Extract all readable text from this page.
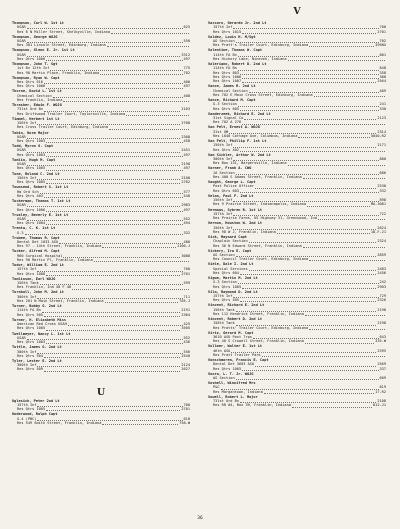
Thompson, Carl W. 1st Lt
USAR	625
Res 6 N Miller Street, Shelbyville, Indiana
Thompson, George WOJG
USAR	550
Res 301 Lincoln Street, Edinburg, Indiana
Thompson, Glenn E. Jr. 1st Lt
USAR	3312
Res Qtrs 1006	497
Thompson, John T. Sgt
1st Bn 12th Inf	775
Res 98 Martin Place, Franklin, Indiana	702
Thompson, Ryan W. Capt
Res Qtrs 616	400
Res Qtrs 1006	497
Thorne, David L. 1st Lt
Chemical Section	408
Res Franklin, Indiana
Thrasher, Edwin F. WOJG
731st Ord Bn	2103
Res Driftwood Trailer Court, Taylorsville, Indiana
Timmel, Herbert 1st Lt
156th Inf	2708
Res Cross Trailer Court, Edinburg, Indiana
Tobin, Norm Major
USAR	2308
Res Qtrs 1003	458
Todd, Myron G. Capt
USAR	2451
Res Qtrs 1003	497
Tomlin, Hugh M. Capt
USAR	2198
Res Qtrs 1005	497
Tone, Roland C. 2nd Lt
156th Inf	2108
Res Qtrs 1005	2702
Townsend, Robert S. 1st Lt
Hq Ord Sch	577
Res Qtrs 403	548
Tuckerman, Thomas T. 1st Lt
USAR	2983
Res Qtrs 1006	497
Truxley, Beverly E. 1st Lt
USAR	552
Res Qtrs 1004	494
Trenta, C. K. 1st Lt
G-3	332
Trubee, Thomas R. Capt
Dental Det 1033 ASU	480
Res 97 - 14th Street, Franklin, Indiana	1100-J
Tucker, Alfred M. Capt
960 Surgical Hospital	3080
Res 90 Martin Pl, Franklin, Indiana
Tudor, William E. 2nd Lt
157th Inf	700
Res Qtrs 1008	2701
Tomlinson, Earl WOJG
156th Tank	599
Res Franklin, Ind 40 F 40
Turnbull, John M. 2nd Lt
300th Inf	711
Res 201 N Main Street, Franklin, Indiana	785-J
Turner, Bobby G. 2nd Lt
114th FA Bn	2191
Res Qtrs 505	2304
Turner, H. Elizabeth Miss
American Red Cross USAH	425
Res Qtrs 1005	3505
Twellmeyer, Nancy L. 1st Lt
USAR	552
Res Qtrs 1003	436
Tuttle, James G. 2nd Lt
300th Inf	556
Res Qtrs 504	2540
Tyler, Lester E. 2nd Lt
300th Inf	2124
Res Qtrs 509	2627
U
Uglesich, Peter 2nd Lt
157th Inf	700
Res Qtrs 1005	2701
Underwood, Ralph Capt
G-4 (PBC)	618
Res 549 Smith Street, Franklin, Indiana	758-W
V
Vaccaro, Gerardo Jr. 2nd Lt
157th Inf	700
Res Qtrs 1015	2701
Valdez, Louis H. M/Sgt
AG Section	702
Res Pratt's Trailer Court, Edinburg, Indiana	395NX
Valentine, Thomas W. Capt
114th FA Bn	801
Res Hickory Lake, Nineveh, Indiana
Valeriano, Robert D. 2nd Lt
114th FA Bn	848
Res Qtrs 803	358
Res Qtrs 1006	380
Res Qtrs 1007	2564
Vance, James R. 2nd Lt
Chemical Section	409
Res 702 E Main Cross Street, Edinburg, Indiana
Vance, Richard M. Capt
G-3 Section	241
Res Qtrs 605	330
Vanderzeek, Richard E. 2nd Lt
31st Signal Co	2123
Res 702 A 276
Van Pelt, Ernest A. WOJG
31st QM	2314
Res 1040 Cottage Ave, Columbus, Indiana	5040-R2
Van Pelt, Phillip F. 1st Lt
156th Inf	2171
Res Qtrs 402
Van Sickler, Arthur W. 2nd Lt
300th Inf	880
Res Box 131, Bargersville, Indiana
Varner, Frank A. CWO
JA Section	686
Res 400 S Adams Street, Franklin, Indiana
Vaught, George L. Capt
Post Police Officer	2530
Res Qtrs 603	332
Velan, Paul F. 2nd Lt
156th Inf	898
Res 9 Prairie Street, Indianapolis, Indiana	MA-3081
Vermaas, Sybren R. 1st Lt
157th Inf	722
Res Prairie Farms, US Highway 31, Greenwood, Ind
Vernon, Houston W. 2nd Lt
156th Inf	2624
Res 98 W J, Franklin, Indiana	18-F-21
Vick, Maynard Capt
Chaplain Section	2324
Res 36 N Edward Street, Franklin, Indiana
Vickery, Ira E. Capt
AG Section	2859
Res Council Trailer Court, Edinburg, Indiana
Viele, Dale I. 2nd Lt
Special Services	2483
Res Qtrs 604	2456
Vigue, Martin M. 2nd Lt
G-3 Section	242
Res Qtrs 1005	2903
Vila, Raymond D. 2nd Lt
157th Inf	729
Res Qtrs 405	2326
Vincent, Richard E. 2nd Lt
158th Tank	2198
Res 112 Hendrick Street, Franklin, Indiana
Vincent, Robert D. 2nd Lt
158th Tank	2198
Res Pratts' Trailer Court, Edinburg, Indiana
Virtz, Gerard M. Capt
3610 ASU Post Trps	643
Res 46 S Crowell Street, Franklin, Indiana	335-W
Vollmer, Walter E. 1st Lt
46th ASU	2395
Res Pratt Trailer Park
Vonschmoren, Francis E. Capt
Dental Det 3603 ASU	2569
Res Qtrs 1005	337
Voora, L. T. Jr. WOJG
AG Section	609
Voshell, Winnifred Mrs
P&C	819
Res Morgantown, Indiana	17-R2
Vowell, Robert L. Major
731st Ord Bn	2108
Res RR #4, Box 39, Franklin, Indiana	812-J1
36
